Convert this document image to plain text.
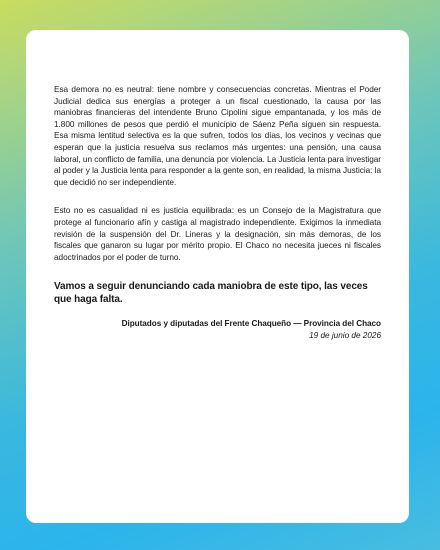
Esa demora no es neutral: tiene nombre y consecuencias concretas. Mientras el Poder Judicial dedica sus energías a proteger a un fiscal cuestionado, la causa por las maniobras financieras del intendente Bruno Cipolini sigue empantanada, y los más de 1.800 millones de pesos que perdió el municipio de Sáenz Peña siguen sin respuesta. Esa misma lentitud selectiva es la que sufren, todos los días, los vecinos y vecinas que esperan que la justicia resuelva sus reclamos más urgentes: una pensión, una causa laboral, un conflicto de familia, una denuncia por violencia. La Justicia lenta para investigar al poder y la Justicia lenta para responder a la gente son, en realidad, la misma Justicia: la que decidió no ser independiente.

Esto no es casualidad ni es justicia equilibrada: es un Consejo de la Magistratura que protege al funcionario afín y castiga al magistrado independiente. Exigimos la inmediata revisión de la suspensión del Dr. Lineras y la designación, sin más demoras, de los fiscales que ganaron su lugar por mérito propio. El Chaco no necesita jueces ni fiscales adoctrinados por el poder de turno.

Vamos a seguir denunciando cada maniobra de este tipo, las veces que haga falta.

Diputados y diputadas del Frente Chaqueño — Provincia del Chaco
19 de junio de 2026
